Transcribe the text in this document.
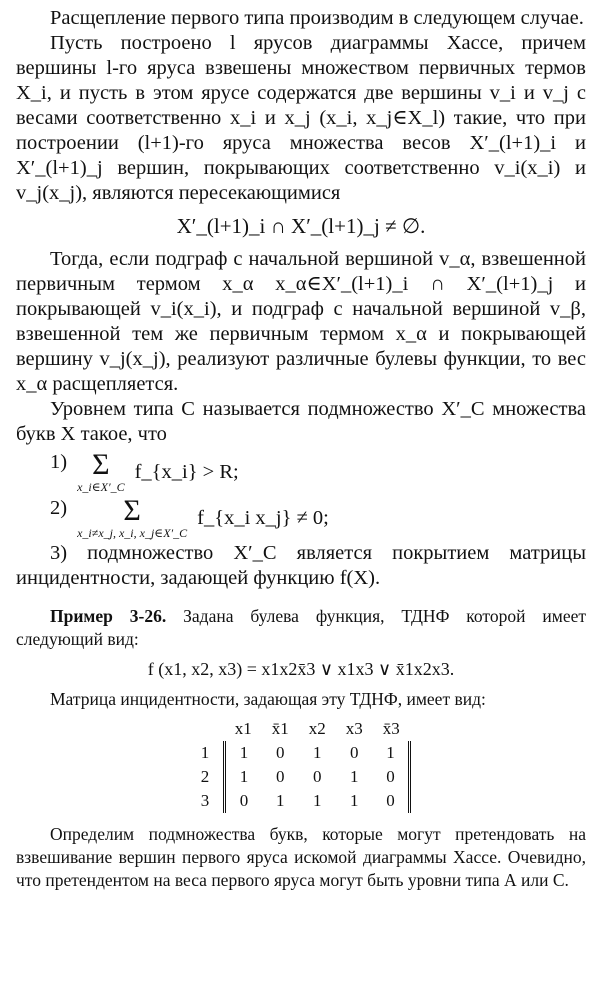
Расщепление первого типа производим в следующем случае.

Пусть построено l ярусов диаграммы Хассе, причем вершины l-го яруса взвешены множеством первичных термов X_i, и пусть в этом ярусе содержатся две вершины v_i и v_j с весами соответственно x_i и x_j (x_i, x_j∈X_l) такие, что при построении (l+1)-го яруса множества весов X′_(l+1)_i и X′_(l+1)_j вершин, покрывающих соответственно v_i(x_i) и v_j(x_j), являются пересекающимися

X′_(l+1)_i ∩ X′_(l+1)_j ≠ ∅.

Тогда, если подграф с начальной вершиной v_α, взвешенной первичным термом x_α x_α∈X′_(l+1)_i ∩ X′_(l+1)_j и покрывающей v_i(x_i), и подграф с начальной вершиной v_β, взвешенной тем же первичным термом x_α и покрывающей вершину v_j(x_j), реализуют различные булевы функции, то вес x_α расщепляется.

Уровнем типа С называется подмножество X′_C множества букв X такое, что

1) Σ
x_i∈X′_C
f_{x_i} > R;
2) Σ
x_i≠x_j, x_i, x_j∈X′_C
f_{x_i x_j} ≠ 0;

3) подмножество X′_C является покрытием матрицы инцидентности, задающей функцию f(X).

Пример 3-26. Задана булева функция, ТДНФ которой имеет следующий вид:

f (x1, x2, x3) = x1x2x̄3 ∨ x1x3 ∨ x̄1x2x3.

Матрица инцидентности, задающая эту ТДНФ, имеет вид:

	x1	x̄1	x2	x3	x̄3
1	1	0	1	0	1
2	1	0	0	1	0
3	0	1	1	1	0

Определим подмножества букв, которые могут претендовать на взвешивание вершин первого яруса искомой диаграммы Хассе. Очевидно, что претендентом на веса первого яруса могут быть уровни типа А или С.
